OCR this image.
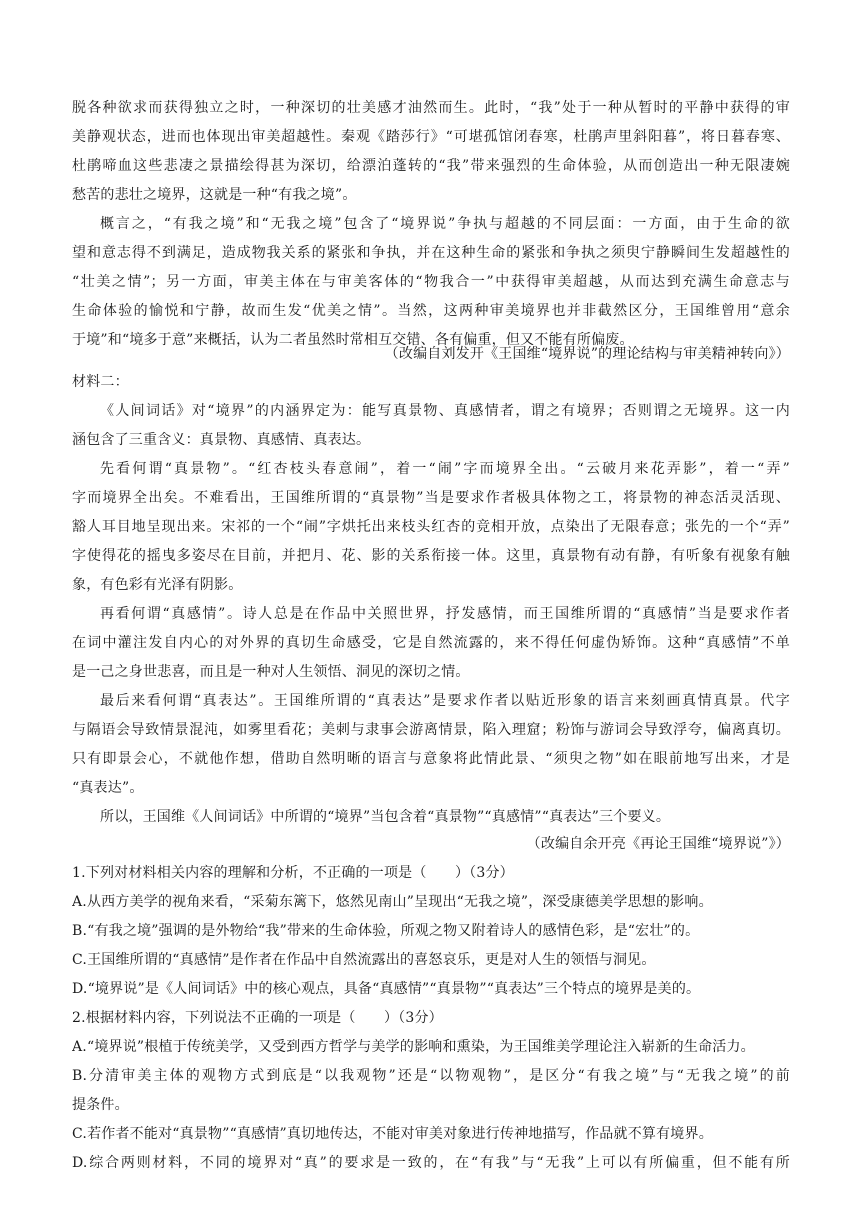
脱各种欲求而获得独立之时，一种深切的壮美感才油然而生。此时，“我”处于一种从暂时的平静中获得的审
美静观状态，进而也体现出审美超越性。秦观《踏莎行》“可堪孤馆闭春寒，杜鹃声里斜阳暮”，将日暮春寒、
杜鹃啼血这些悲凄之景描绘得甚为深切，给漂泊蓬转的“我”带来强烈的生命体验，从而创造出一种无限凄婉
愁苦的悲壮之境界，这就是一种“有我之境”。
概言之，“有我之境”和“无我之境”包含了“境界说”争执与超越的不同层面：一方面，由于生命的欲
望和意志得不到满足，造成物我关系的紧张和争执，并在这种生命的紧张和争执之须臾宁静瞬间生发超越性的
“壮美之情”；另一方面，审美主体在与审美客体的“物我合一”中获得审美超越，从而达到充满生命意志与
生命体验的愉悦和宁静，故而生发“优美之情”。当然，这两种审美境界也并非截然区分，王国维曾用“意余
于境”和“境多于意”来概括，认为二者虽然时常相互交错、各有偏重，但又不能有所偏废。
（改编自刘发开《王国维“境界说”的理论结构与审美精神转向》）
材料二：
《人间词话》对“境界”的内涵界定为：能写真景物、真感情者，谓之有境界；否则谓之无境界。这一内
涵包含了三重含义：真景物、真感情、真表达。
先看何谓“真景物”。“红杏枝头春意闹”，着一“闹”字而境界全出。“云破月来花弄影”，着一“弄”
字而境界全出矣。不难看出，王国维所谓的“真景物”当是要求作者极具体物之工，将景物的神态活灵活现、
豁人耳目地呈现出来。宋祁的一个“闹”字烘托出来枝头红杏的竞相开放，点染出了无限春意；张先的一个“弄”
字使得花的摇曳多姿尽在目前，并把月、花、影的关系衔接一体。这里，真景物有动有静，有听象有视象有触
象，有色彩有光泽有阴影。
再看何谓“真感情”。诗人总是在作品中关照世界，抒发感情，而王国维所谓的“真感情”当是要求作者
在词中灌注发自内心的对外界的真切生命感受，它是自然流露的，来不得任何虚伪矫饰。这种“真感情”不单
是一己之身世悲喜，而且是一种对人生领悟、洞见的深切之情。
最后来看何谓“真表达”。王国维所谓的“真表达”是要求作者以贴近形象的语言来刻画真情真景。代字
与隔语会导致情景混沌，如雾里看花；美刺与隶事会游离情景，陷入理窟；粉饰与游词会导致浮夸，偏离真切。
只有即景会心，不就他作想，借助自然明晰的语言与意象将此情此景、“须臾之物”如在眼前地写出来，才是
“真表达”。
所以，王国维《人间词话》中所谓的“境界”当包含着“真景物”“真感情”“真表达”三个要义。
（改编自余开亮《再论王国维“境界说”》）
1.下列对材料相关内容的理解和分析，不正确的一项是（　　）（3分）
A.从西方美学的视角来看，“采菊东篱下，悠然见南山”呈现出“无我之境”，深受康德美学思想的影响。
B.“有我之境”强调的是外物给“我”带来的生命体验，所观之物又附着诗人的感情色彩，是“宏壮”的。
C.王国维所谓的“真感情”是作者在作品中自然流露出的喜怒哀乐，更是对人生的领悟与洞见。
D.“境界说”是《人间词话》中的核心观点，具备“真感情”“真景物”“真表达”三个特点的境界是美的。
2.根据材料内容，下列说法不正确的一项是（　　）（3分）
A.“境界说”根植于传统美学，又受到西方哲学与美学的影响和熏染，为王国维美学理论注入崭新的生命活力。
B.分清审美主体的观物方式到底是“以我观物”还是“以物观物”，是区分“有我之境”与“无我之境”的前
提条件。
C.若作者不能对“真景物”“真感情”真切地传达，不能对审美对象进行传神地描写，作品就不算有境界。
D.综合两则材料，不同的境界对“真”的要求是一致的，在“有我”与“无我”上可以有所偏重，但不能有所
